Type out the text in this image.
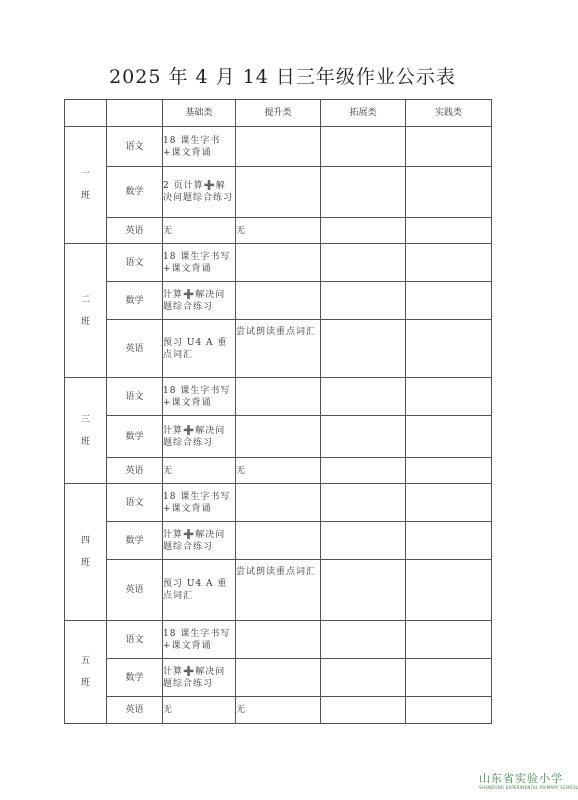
2025 年 4 月 14 日三年级作业公示表
		基础类	提升类	拓展类	实践类

一
班	语文	18 课生字书+课文背诵			
	数学	2 页计算➕解决问题综合练习			
	英语	无	无		

二
班	语文	18 课生字书写+课文背诵			
	数学	计算➕解决问题综合练习			
	英语	预习 U4 A 重点词汇	尝试朗读重点词汇		

三
班	语文	18 课生字书写+课文背诵			
	数学	计算➕解决问题综合练习			
	英语	无	无		

四
班	语文	18 课生字书写+课文背诵			
	数学	计算➕解决问题综合练习			
	英语	预习 U4 A 重点词汇	尝试朗读重点词汇		

五
班	语文	18 课生字书写+课文背诵			
	数学	计算➕解决问题综合练习			
	英语	无	无		
山东省实验小学
SHANDONG EXPERIMENTAL PRIMARY SCHOOL
